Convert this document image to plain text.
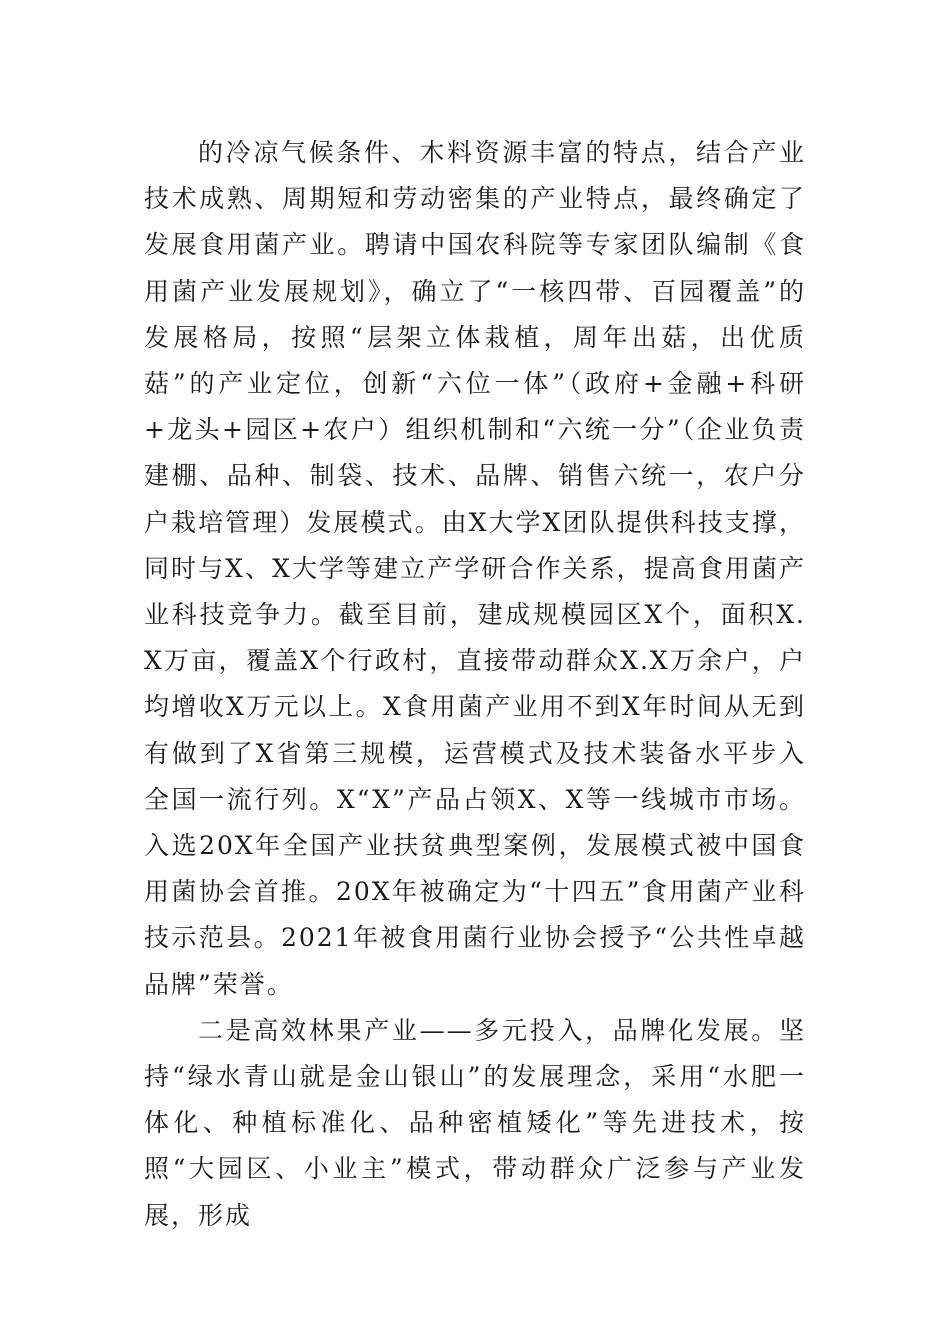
的冷凉气候条件、木料资源丰富的特点，结合产业技术成熟、周期短和劳动密集的产业特点，最终确定了发展食用菌产业。聘请中国农科院等专家团队编制《食用菌产业发展规划》，确立了“一核四带、百园覆盖”的发展格局，按照“层架立体栽植，周年出菇，出优质菇”的产业定位，创新“六位一体”（政府+金融+科研+龙头+园区+农户）组织机制和“六统一分”（企业负责建棚、品种、制袋、技术、品牌、销售六统一，农户分户栽培管理）发展模式。由X大学X团队提供科技支撑，同时与X、X大学等建立产学研合作关系，提高食用菌产业科技竞争力。截至目前，建成规模园区X个，面积X.X万亩，覆盖X个行政村，直接带动群众X.X万余户，户均增收X万元以上。X食用菌产业用不到X年时间从无到有做到了X省第三规模，运营模式及技术装备水平步入全国一流行列。X“X”产品占领X、X等一线城市市场。入选20X年全国产业扶贫典型案例，发展模式被中国食用菌协会首推。20X年被确定为“十四五”食用菌产业科技示范县。2021年被食用菌行业协会授予“公共性卓越品牌”荣誉。

二是高效林果产业——多元投入，品牌化发展。坚持“绿水青山就是金山银山”的发展理念，采用“水肥一体化、种植标准化、品种密植矮化”等先进技术，按照“大园区、小业主”模式，带动群众广泛参与产业发展，形成
